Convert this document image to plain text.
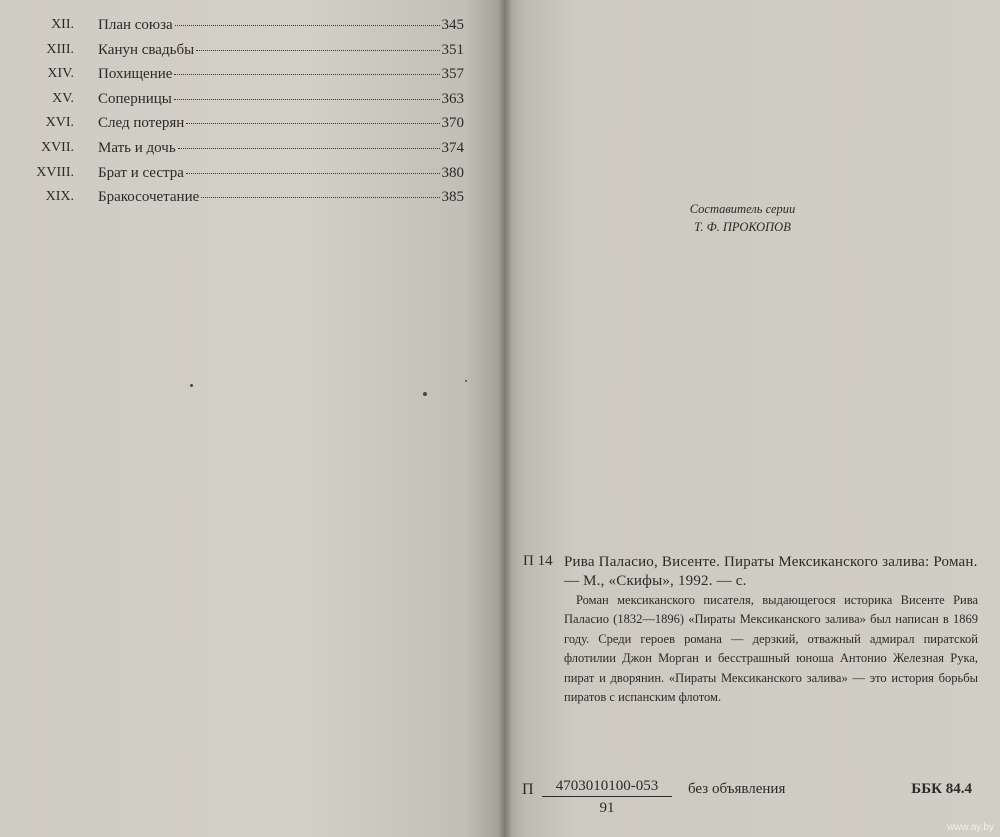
XII. План союза	345
XIII. Канун свадьбы	351
XIV. Похищение	357
XV. Соперницы	363
XVI. След потерян	370
XVII. Мать и дочь	374
XVIII. Брат и сестра	380
XIX. Бракосочетание	385
Составитель серии
Т. Ф. ПРОКОПОВ
П 14 Рива Паласио, Висенте. Пираты Мексиканского залива: Роман. — М., «Скифы», 1992. — с.
Роман мексиканского писателя, выдающегося историка Висенте Рива Паласио (1832—1896) «Пираты Мексиканского залива» был написан в 1869 году. Среди героев романа — дерзкий, отважный адмирал пиратской флотилии Джон Морган и бесстрашный юноша Антонио Железная Рука, пират и дворянин. «Пираты Мексиканского залива» — это история борьбы пиратов с испанским флотом.
П $\frac{4703010100-053}{91}$ без объявления	ББК 84.4
www.ay.by
